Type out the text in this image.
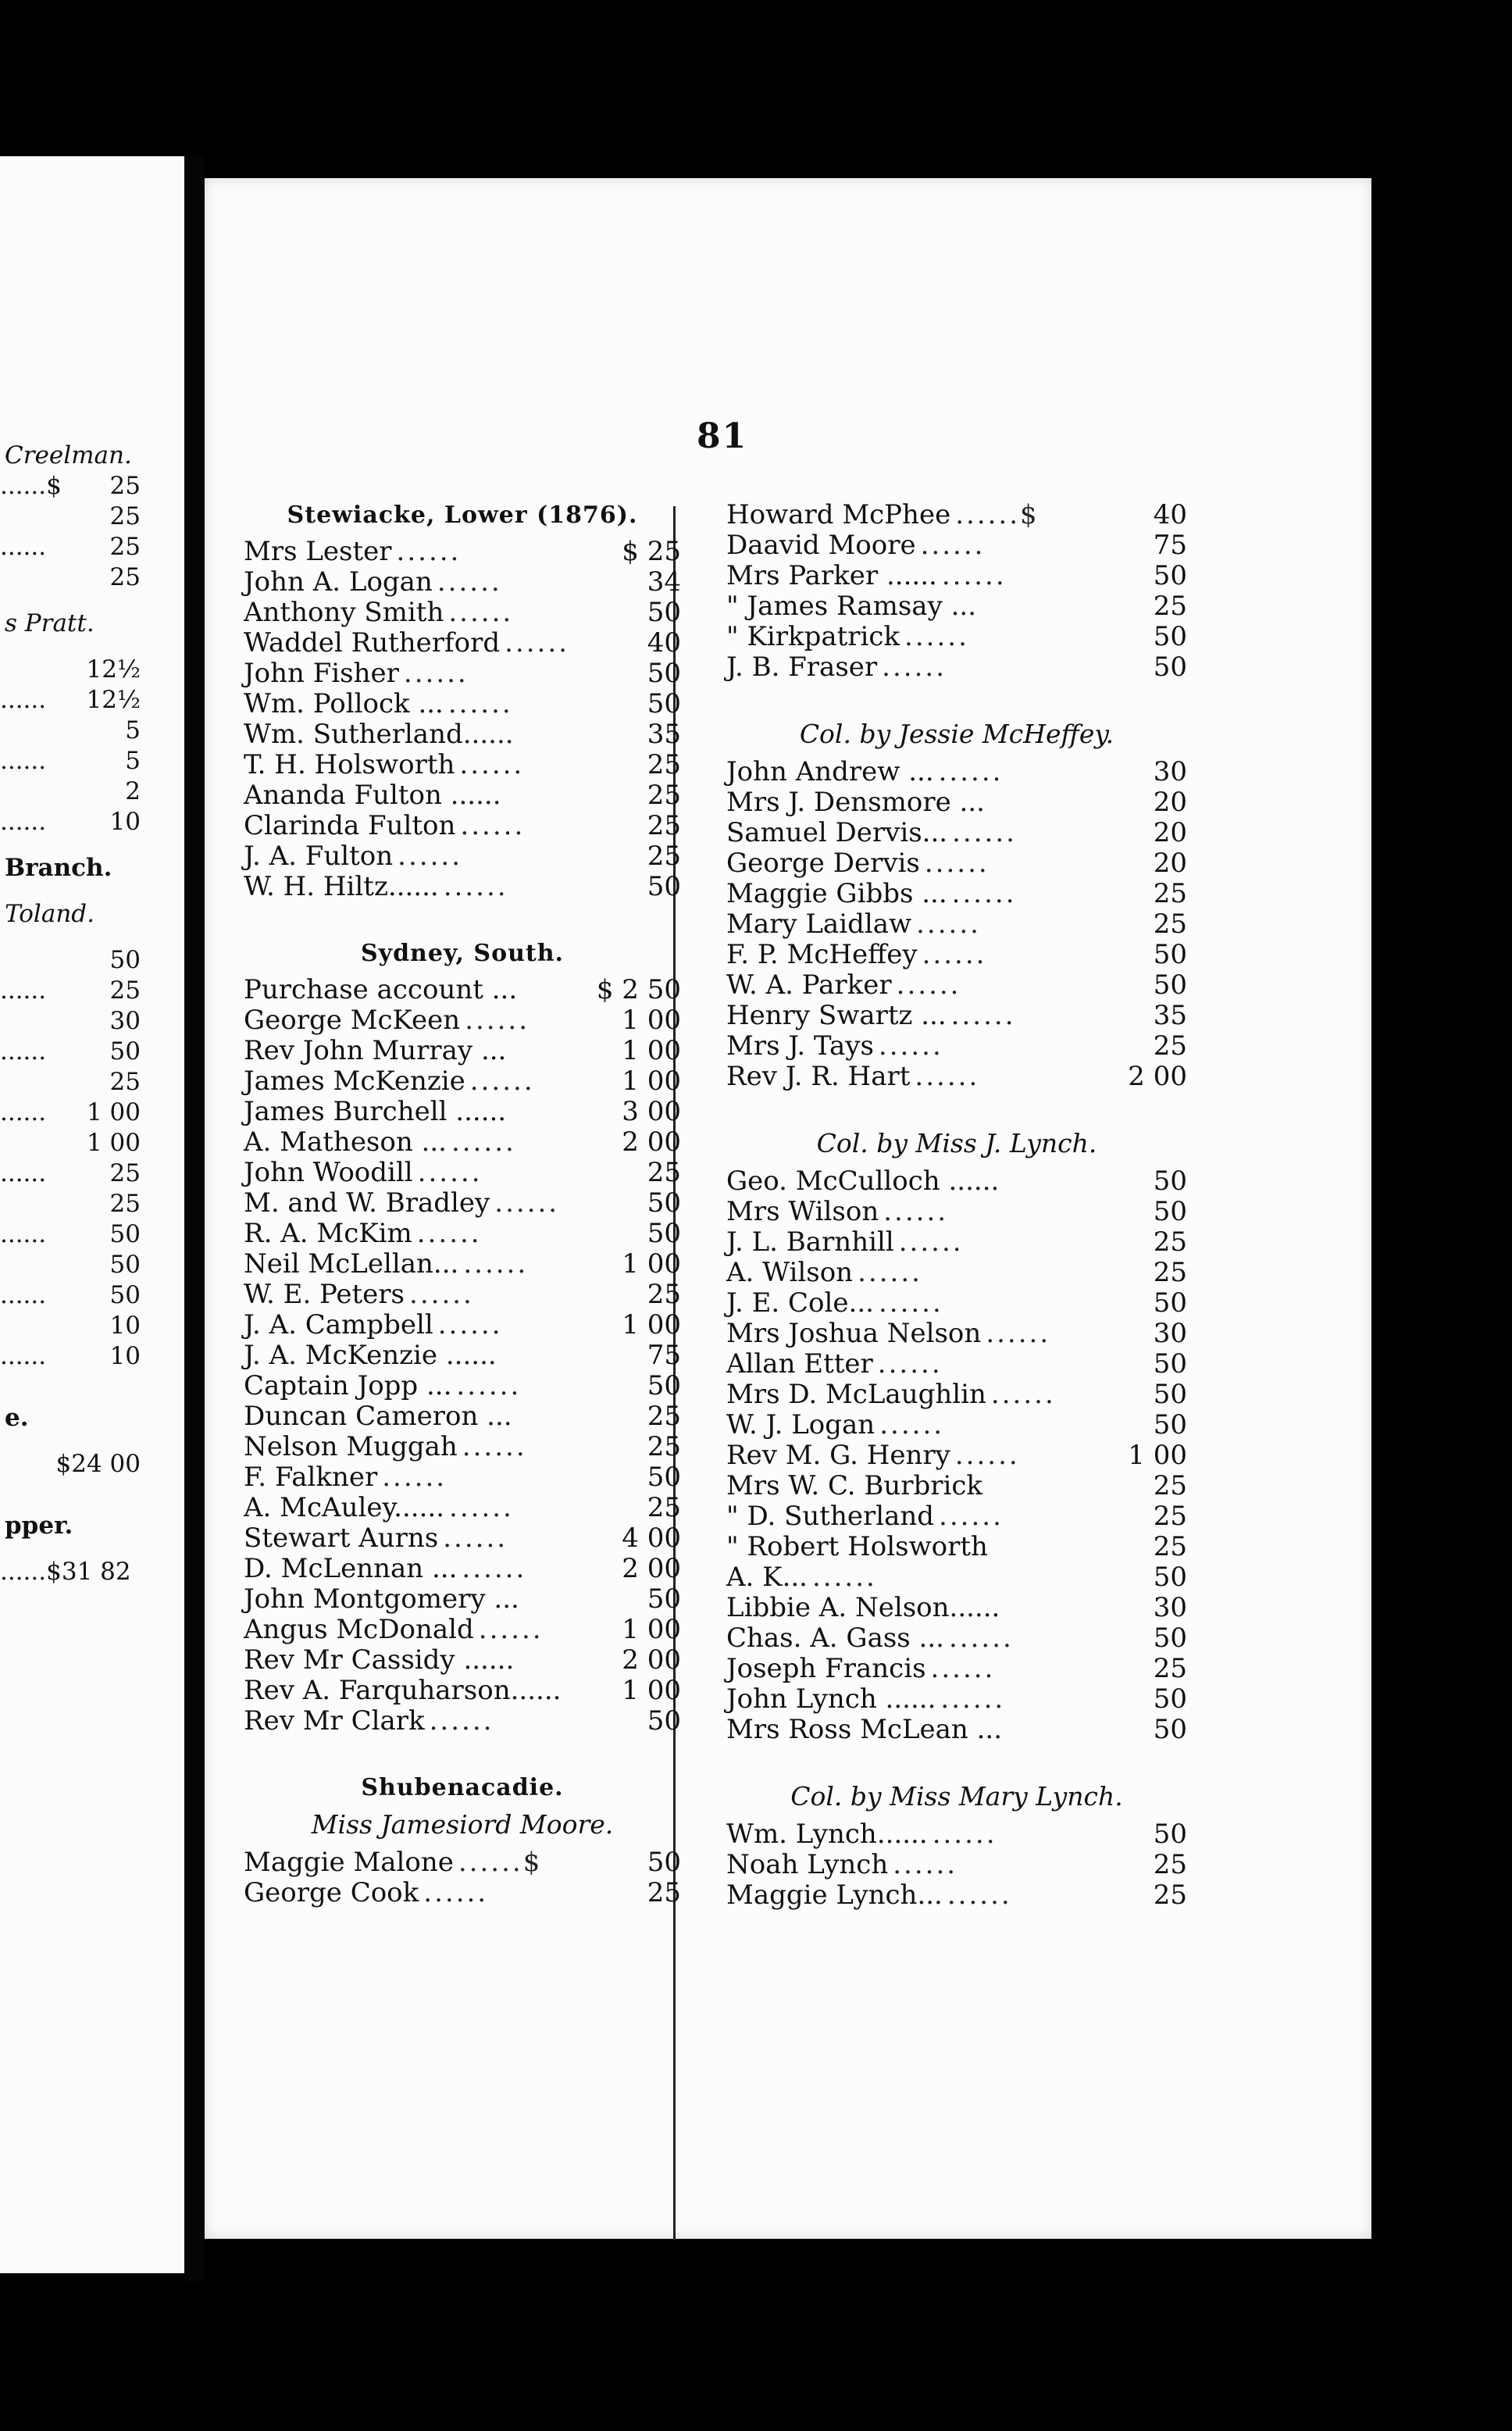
Creelman.
......$	25
25
......	25
25
s Pratt.
12½
......	12½
5
......	5
2
......	10
Branch.
Toland.
50
......	25
30
......	50
25
......	1 00
1 00
......	25
25
......	50
50
......	50
10
......	10
e.
$24 00
pper.
......$31 82
81
Stewiacke, Lower (1876).
Mrs Lester ......	$ 25
John A. Logan ......	34
Anthony Smith ......	50
Waddel Rutherford ......	40
John Fisher ......	50
Wm. Pollock ... ......	50
Wm. Sutherland......	35
T. H. Holsworth ......	25
Ananda Fulton ......	25
Clarinda Fulton ......	25
J. A. Fulton ......	25
W. H. Hiltz...... ......	50
Sydney, South.
Purchase account ...	$ 2 50
George McKeen ......	1 00
Rev John Murray ...	1 00
James McKenzie ......	1 00
James Burchell ......	3 00
A. Matheson ... ......	2 00
John Woodill ......	25
M. and W. Bradley ......	50
R. A. McKim ......	50
Neil McLellan... ......	1 00
W. E. Peters ......	25
J. A. Campbell ......	1 00
J. A. McKenzie ......	75
Captain Jopp ... ......	50
Duncan Cameron ...	25
Nelson Muggah ......	25
F. Falkner ......	50
A. McAuley...... ......	25
Stewart Aurns ......	4 00
D. McLennan ... ......	2 00
John Montgomery ...	50
Angus McDonald ......	1 00
Rev Mr Cassidy ......	2 00
Rev A. Farquharson......	1 00
Rev Mr Clark ......	50
Shubenacadie.
Miss Jamesiord Moore.
Maggie Malone ......$	50
George Cook ......	25
Howard McPhee ......$	40
Daavid Moore ......	75
Mrs Parker ...... ......	50
" James Ramsay ...	25
" Kirkpatrick ......	50
J. B. Fraser ......	50
Col. by Jessie McHeffey.
John Andrew ... ......	30
Mrs J. Densmore ...	20
Samuel Dervis... ......	20
George Dervis ......	20
Maggie Gibbs ... ......	25
Mary Laidlaw ......	25
F. P. McHeffey ......	50
W. A. Parker ......	50
Henry Swartz ... ......	35
Mrs J. Tays ......	25
Rev J. R. Hart ......	2 00
Col. by Miss J. Lynch.
Geo. McCulloch ......	50
Mrs Wilson ......	50
J. L. Barnhill ......	25
A. Wilson ......	25
J. E. Cole... ......	50
Mrs Joshua Nelson ......	30
Allan Etter ......	50
Mrs D. McLaughlin ......	50
W. J. Logan ......	50
Rev M. G. Henry ......	1 00
Mrs W. C. Burbrick	25
" D. Sutherland ......	25
" Robert Holsworth	25
A. K... ......	50
Libbie A. Nelson......	30
Chas. A. Gass ... ......	50
Joseph Francis ......	25
John Lynch ...... ......	50
Mrs Ross McLean ...	50
Col. by Miss Mary Lynch.
Wm. Lynch...... ......	50
Noah Lynch ......	25
Maggie Lynch... ......	25
